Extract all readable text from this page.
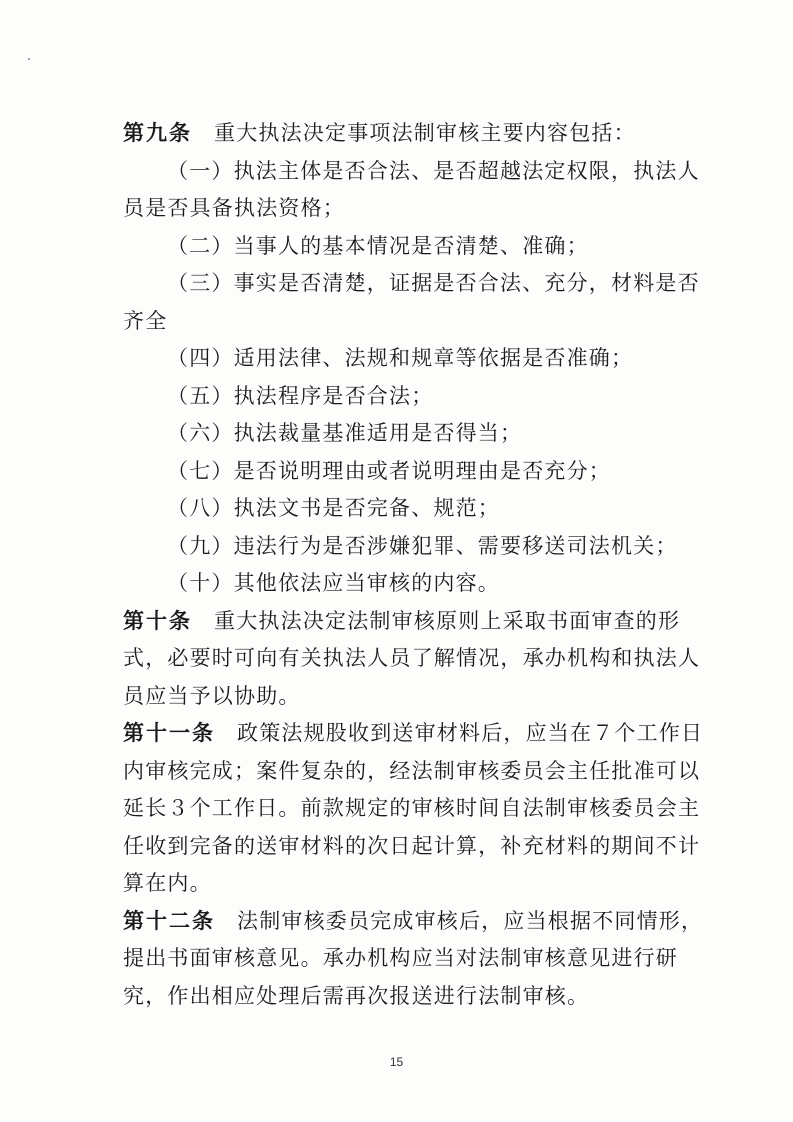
第九条 重大执法决定事项法制审核主要内容包括：
（一）执法主体是否合法、是否超越法定权限，执法人
员是否具备执法资格；
（二）当事人的基本情况是否清楚、准确；
（三）事实是否清楚，证据是否合法、充分，材料是否
齐全
（四）适用法律、法规和规章等依据是否准确；
（五）执法程序是否合法；
（六）执法裁量基准适用是否得当；
（七）是否说明理由或者说明理由是否充分；
（八）执法文书是否完备、规范；
（九）违法行为是否涉嫌犯罪、需要移送司法机关；
（十）其他依法应当审核的内容。
第十条 重大执法决定法制审核原则上采取书面审查的形
式，必要时可向有关执法人员了解情况，承办机构和执法人
员应当予以协助。
第十一条 政策法规股收到送审材料后，应当在７个工作日
内审核完成；案件复杂的，经法制审核委员会主任批准可以
延长３个工作日。前款规定的审核时间自法制审核委员会主
任收到完备的送审材料的次日起计算，补充材料的期间不计
算在内。
第十二条 法制审核委员完成审核后，应当根据不同情形，
提出书面审核意见。承办机构应当对法制审核意见进行研
究，作出相应处理后需再次报送进行法制审核。
15
